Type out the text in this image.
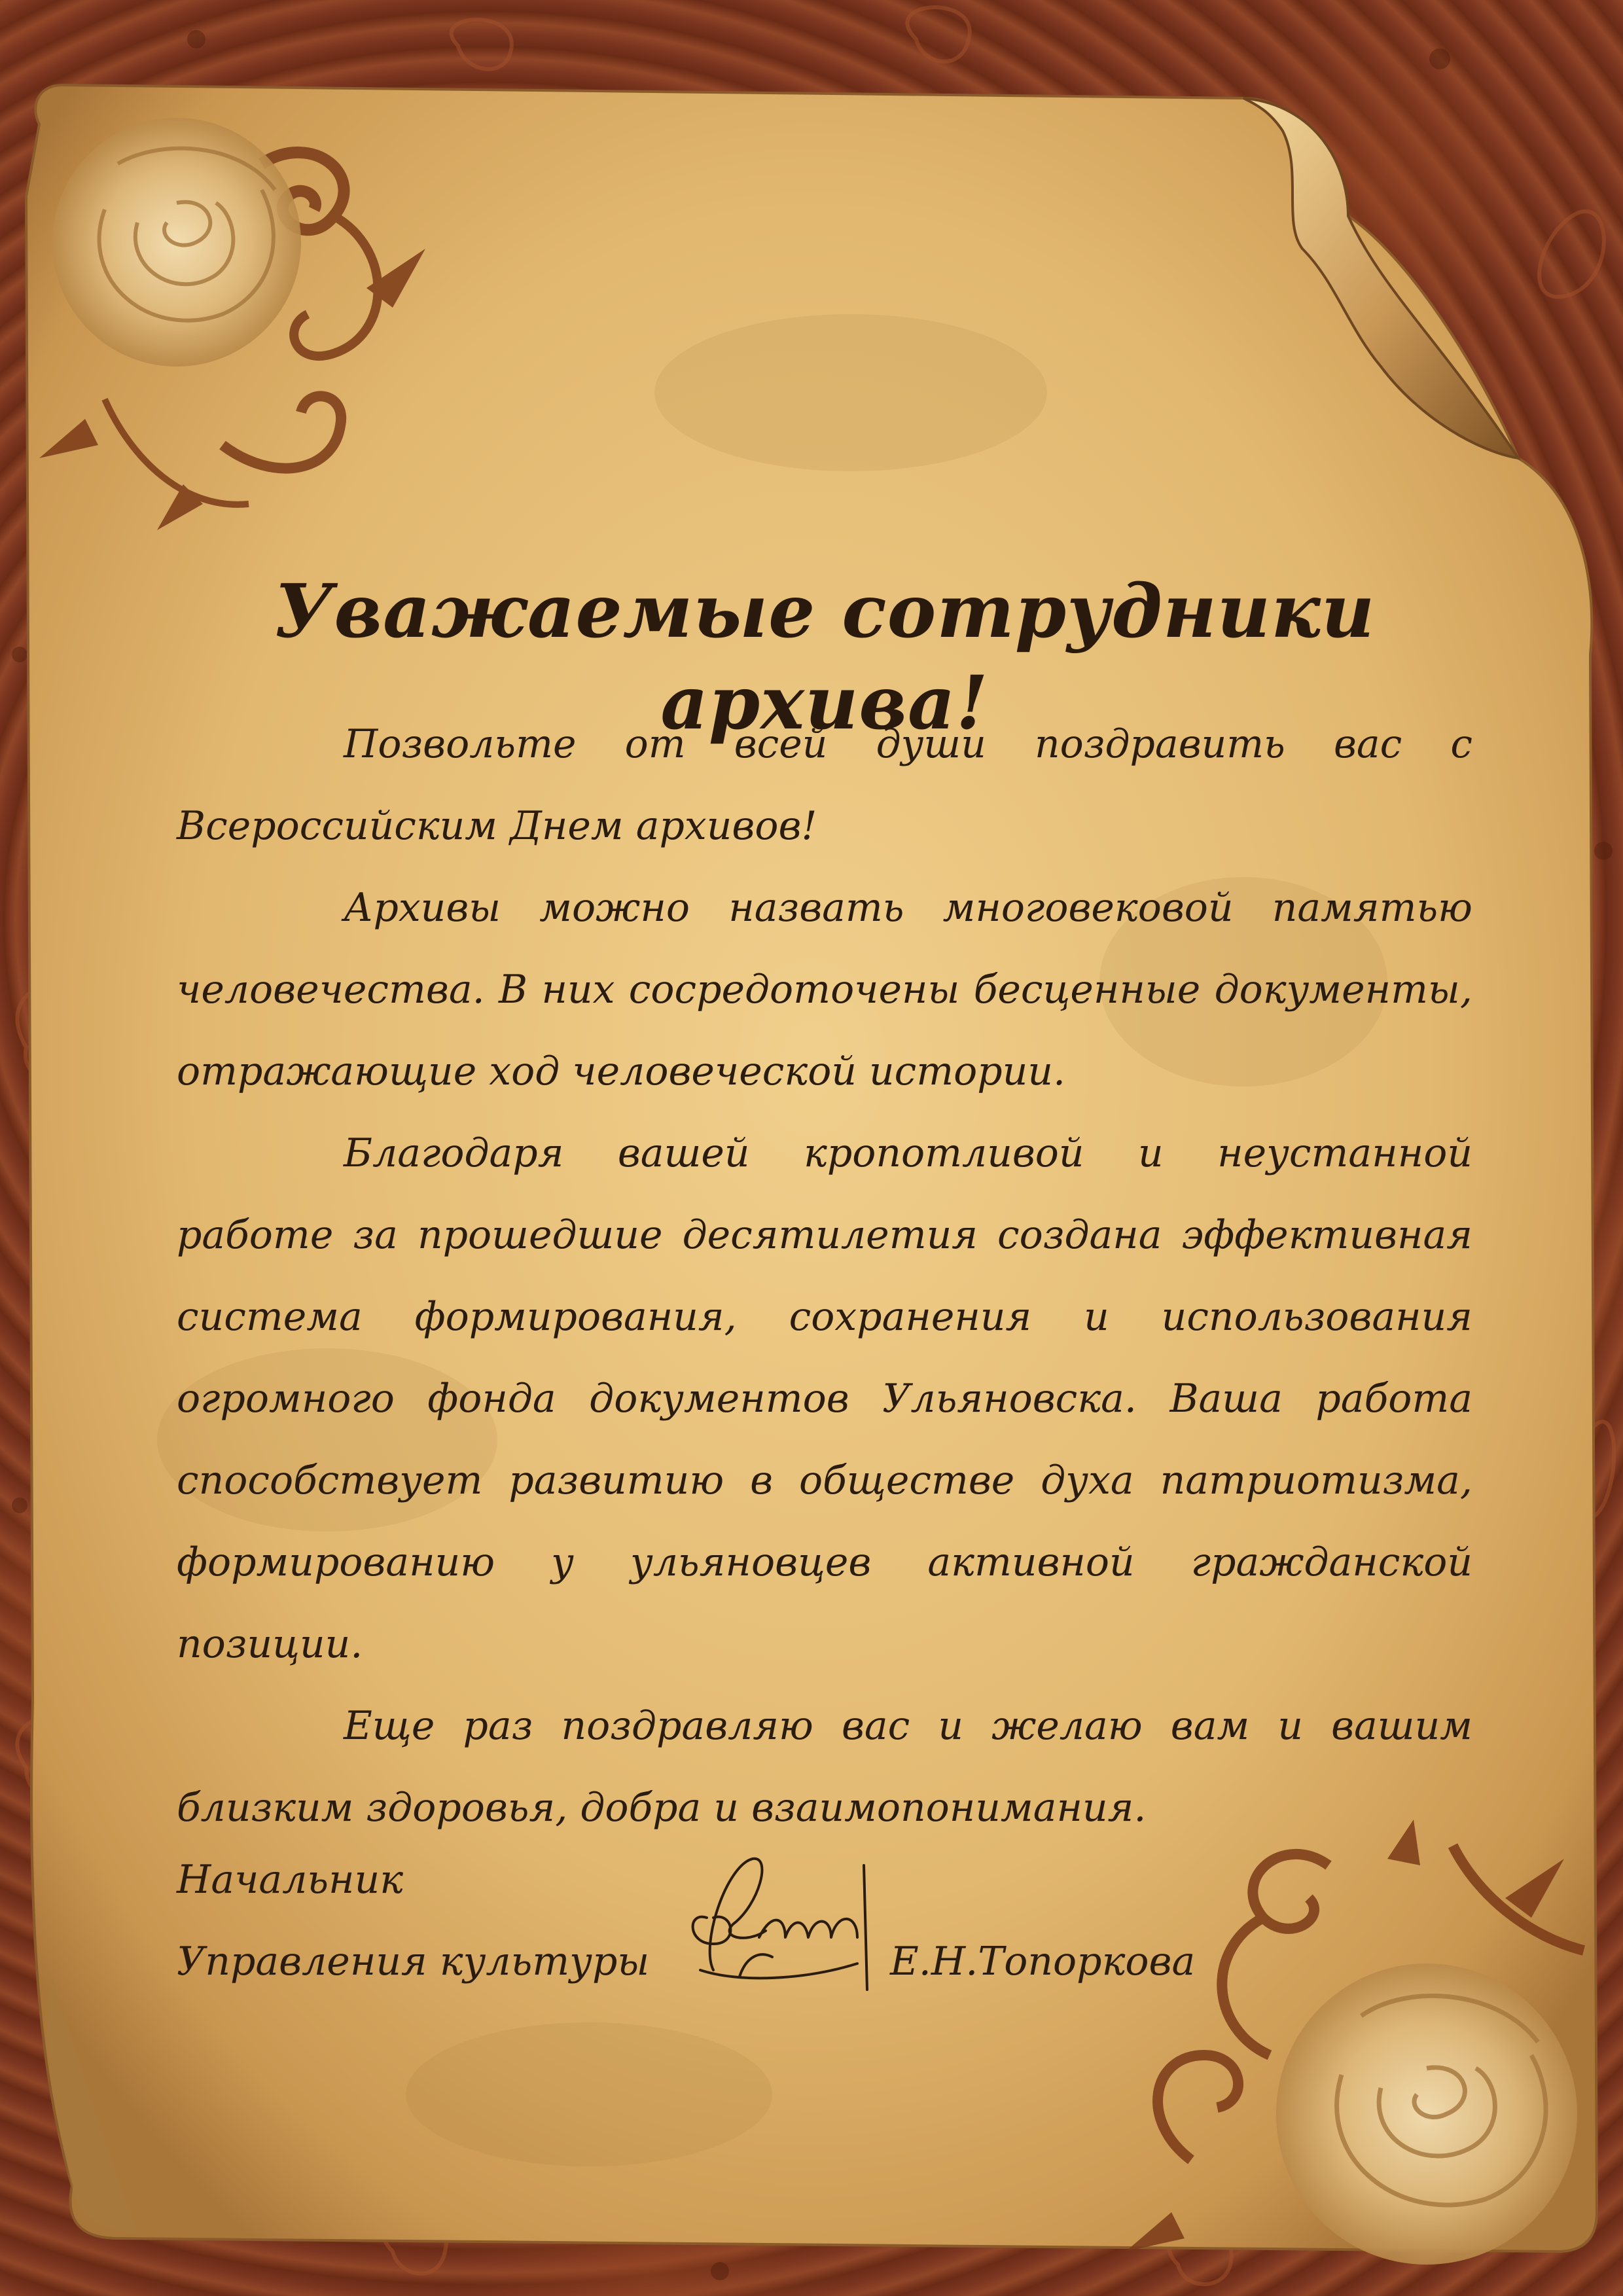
Уважаемые сотрудники архива!

Позвольте от всей души поздравить вас с Всероссийским Днем архивов!

Архивы можно назвать многовековой памятью человечества. В них сосредоточены бесценные документы, отражающие ход человеческой истории.

Благодаря вашей кропотливой и неустанной работе за прошедшие десятилетия создана эффективная система формирования, сохранения и использования огромного фонда документов Ульяновска. Ваша работа способствует развитию в обществе духа патриотизма, формированию у ульяновцев активной гражданской позиции.

Еще раз поздравляю вас и желаю вам и вашим близким здоровья, добра и взаимопонимания.

Начальник
Управления культуры	Е.Н.Топоркова
